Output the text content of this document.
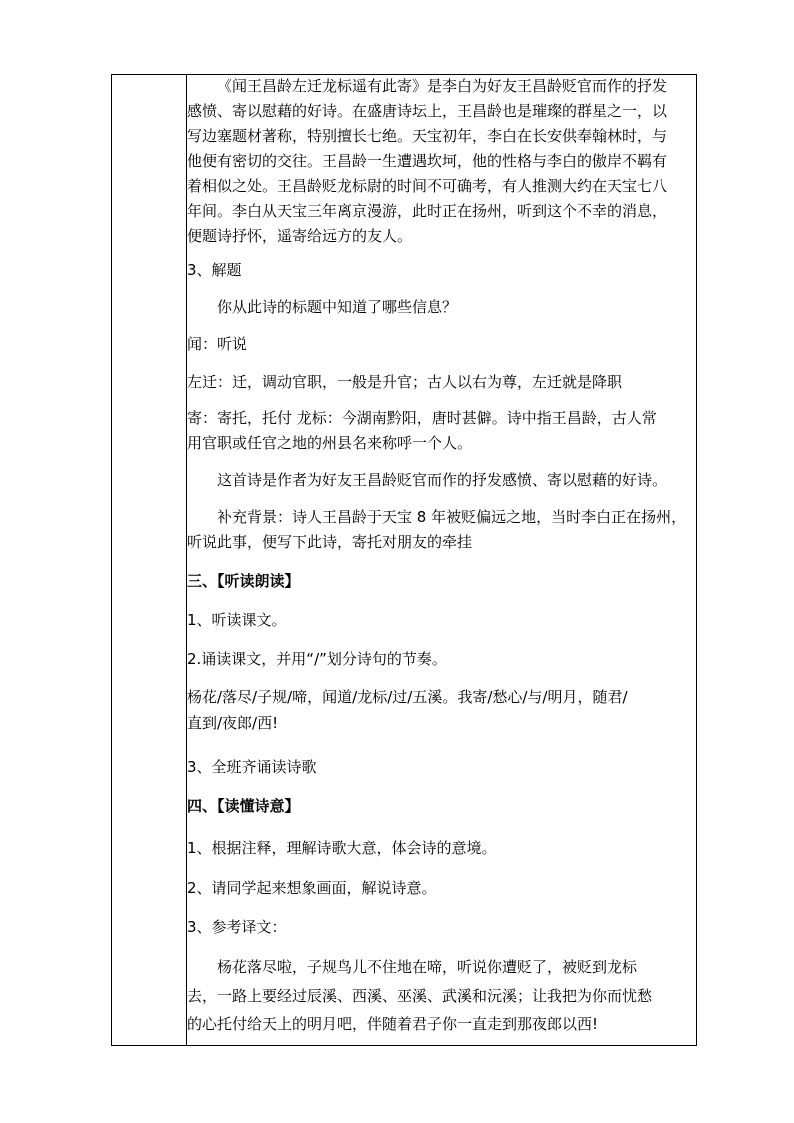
《闻王昌龄左迁龙标遥有此寄》是李白为好友王昌龄贬官而作的抒发
感愤、寄以慰藉的好诗。在盛唐诗坛上，王昌龄也是璀璨的群星之一，以
写边塞题材著称，特别擅长七绝。天宝初年，李白在长安供奉翰林时，与
他便有密切的交往。王昌龄一生遭遇坎坷，他的性格与李白的傲岸不羁有
着相似之处。王昌龄贬龙标尉的时间不可确考，有人推测大约在天宝七八
年间。李白从天宝三年离京漫游，此时正在扬州，听到这个不幸的消息，
便题诗抒怀，遥寄给远方的友人。
3、解题
你从此诗的标题中知道了哪些信息？
闻：听说
左迁：迁，调动官职，一般是升官；古人以右为尊，左迁就是降职
寄：寄托，托付 龙标：今湖南黔阳，唐时甚僻。诗中指王昌龄，古人常
用官职或任官之地的州县名来称呼一个人。
这首诗是作者为好友王昌龄贬官而作的抒发感愤、寄以慰藉的好诗。
补充背景：诗人王昌龄于天宝 8 年被贬偏远之地，当时李白正在扬州，
听说此事，便写下此诗，寄托对朋友的牵挂
三、【听读朗读】
1、听读课文。
2.诵读课文，并用“/”划分诗句的节奏。
杨花/落尽/子规/啼，闻道/龙标/过/五溪。我寄/愁心/与/明月，随君/
直到/夜郎/西!
3、全班齐诵读诗歌
四、【读懂诗意】
1、根据注释，理解诗歌大意，体会诗的意境。
2、请同学起来想象画面，解说诗意。
3、参考译文：
杨花落尽啦，子规鸟儿不住地在啼，听说你遭贬了，被贬到龙标
去，一路上要经过辰溪、西溪、巫溪、武溪和沅溪；让我把为你而忧愁
的心托付给天上的明月吧，伴随着君子你一直走到那夜郎以西!
